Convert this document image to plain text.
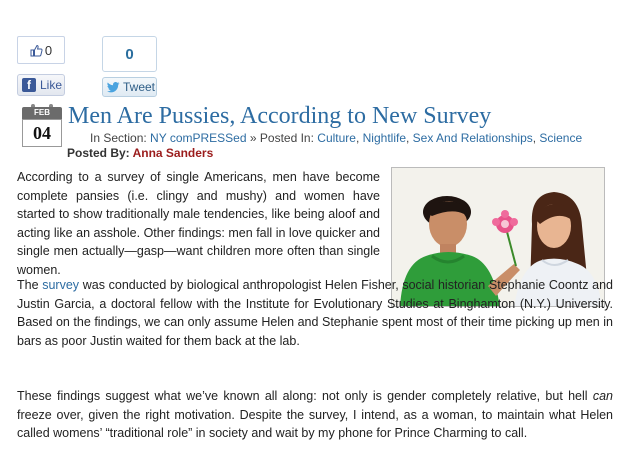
0
f Like
0
Tweet
FEB
04
Men Are Pussies, According to New Survey
In Section: NY comPRESSed » Posted In: Culture, Nightlife, Sex And Relationships, Science
Posted By: Anna Sanders

According to a survey of single Americans, men have become complete pansies (i.e. clingy and mushy) and women have started to show traditionally male tendencies, like being aloof and acting like an asshole. Other findings: men fall in love quicker and single men actually—gasp—want children more often than single women.

The survey was conducted by biological anthropologist Helen Fisher, social historian Stephanie Coontz and Justin Garcia, a doctoral fellow with the Institute for Evolutionary Studies at Binghamton (N.Y.) University. Based on the findings, we can only assume Helen and Stephanie spent most of their time picking up men in bars as poor Justin waited for them back at the lab.

These findings suggest what we’ve known all along: not only is gender completely relative, but hell can freeze over, given the right motivation. Despite the survey, I intend, as a woman, to maintain what Helen called womens’ “traditional role” in society and wait by my phone for Prince Charming to call.
